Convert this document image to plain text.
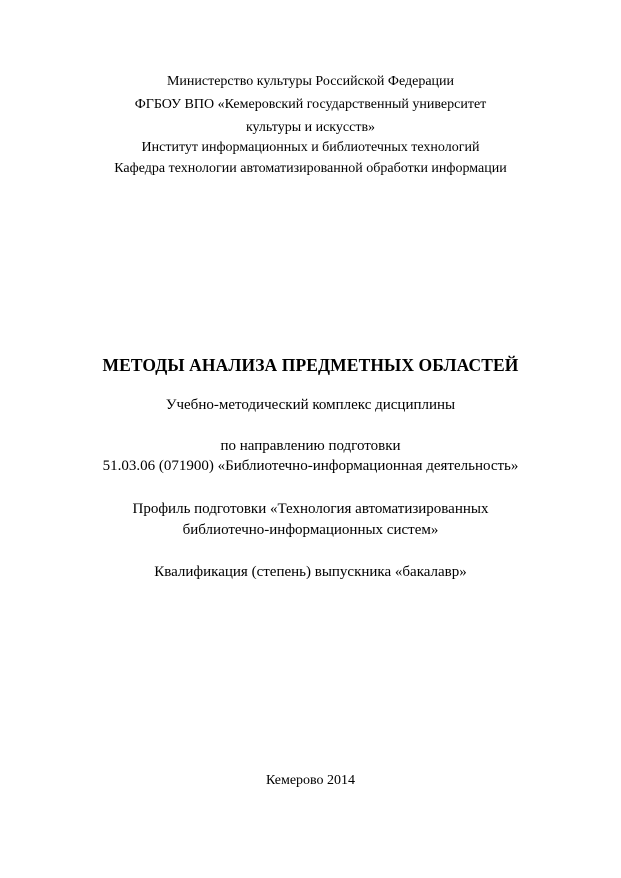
Министерство культуры Российской Федерации
ФГБОУ ВПО «Кемеровский государственный университет
культуры и искусств»
Институт информационных и библиотечных технологий
Кафедра технологии автоматизированной обработки информации
МЕТОДЫ АНАЛИЗА ПРЕДМЕТНЫХ ОБЛАСТЕЙ
Учебно-методический комплекс дисциплины
по направлению подготовки
51.03.06 (071900) «Библиотечно-информационная деятельность»
Профиль подготовки «Технология автоматизированных
библиотечно-информационных систем»
Квалификация (степень) выпускника «бакалавр»
Кемерово 2014
